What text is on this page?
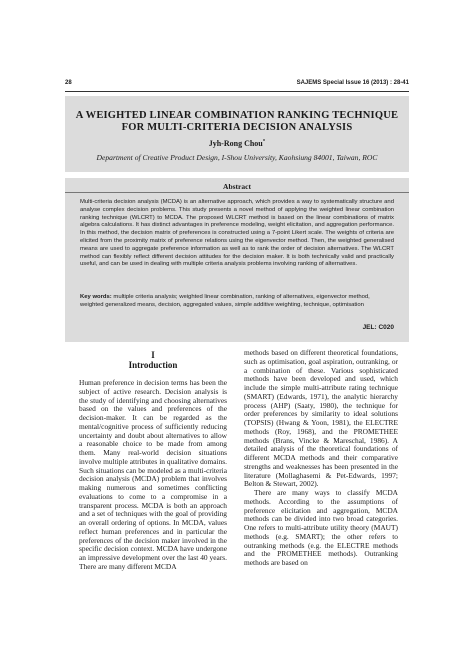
28	SAJEMS Special Issue 16 (2013) : 28-41
A WEIGHTED LINEAR COMBINATION RANKING TECHNIQUE
FOR MULTI-CRITERIA DECISION ANALYSIS
Jyh-Rong Chou*
Department of Creative Product Design, I-Shou University, Kaohsiung 84001, Taiwan, ROC
Abstract
Multi-criteria decision analysis (MCDA) is an alternative approach, which provides a way to systematically structure and analyse complex decision problems. This study presents a novel method of applying the weighted linear combination ranking technique (WLCRT) to MCDA. The proposed WLCRT method is based on the linear combinations of matrix algebra calculations. It has distinct advantages in preference modeling, weight elicitation, and aggregation performance. In this method, the decision matrix of preferences is constructed using a 7-point Likert scale. The weights of criteria are elicited from the proximity matrix of preference relations using the eigenvector method. Then, the weighted generalised means are used to aggregate preference information as well as to rank the order of decision alternatives. The WLCRT method can flexibly reflect different decision attitudes for the decision maker. It is both technically valid and practically useful, and can be used in dealing with multiple criteria analysis problems involving ranking of alternatives.
Key words: multiple criteria analysis; weighted linear combination, ranking of alternatives, eigenvector method, weighted generalized means, decision, aggregated values, simple additive weighting, technique, optimisation
JEL: C020
I
Introduction

Human preference in decision terms has been the subject of active research. Decision analysis is the study of identifying and choosing alternatives based on the values and preferences of the decision-maker. It can be regarded as the mental/cognitive process of sufficiently reducing uncertainty and doubt about alternatives to allow a reasonable choice to be made from among them. Many real-world decision situations involve multiple attributes in qualitative domains. Such situations can be modeled as a multi-criteria decision analysis (MCDA) problem that involves making numerous and sometimes conflicting evaluations to come to a compromise in a transparent process. MCDA is both an approach and a set of techniques with the goal of providing an overall ordering of options. In MCDA, values reflect human preferences and in particular the preferences of the decision maker involved in the specific decision context. MCDA have undergone an impressive development over the last 40 years. There are many different MCDA

methods based on different theoretical foundations, such as optimisation, goal aspiration, outranking, or a combination of these. Various sophisticated methods have been developed and used, which include the simple multi-attribute rating technique (SMART) (Edwards, 1971), the analytic hierarchy process (AHP) (Saaty, 1980), the technique for order preferences by similarity to ideal solutions (TOPSIS) (Hwang & Yoon, 1981), the ELECTRE methods (Roy, 1968), and the PROMETHEE methods (Brans, Vincke & Mareschal, 1986). A detailed analysis of the theoretical foundations of different MCDA methods and their comparative strengths and weaknesses has been presented in the literature (Mollaghasemi & Pet-Edwards, 1997; Belton & Stewart, 2002).

There are many ways to classify MCDA methods. According to the assumptions of preference elicitation and aggregation, MCDA methods can be divided into two broad categories. One refers to multi-attribute utility theory (MAUT) methods (e.g. SMART); the other refers to outranking methods (e.g. the ELECTRE methods and the PROMETHEE methods). Outranking methods are based on
